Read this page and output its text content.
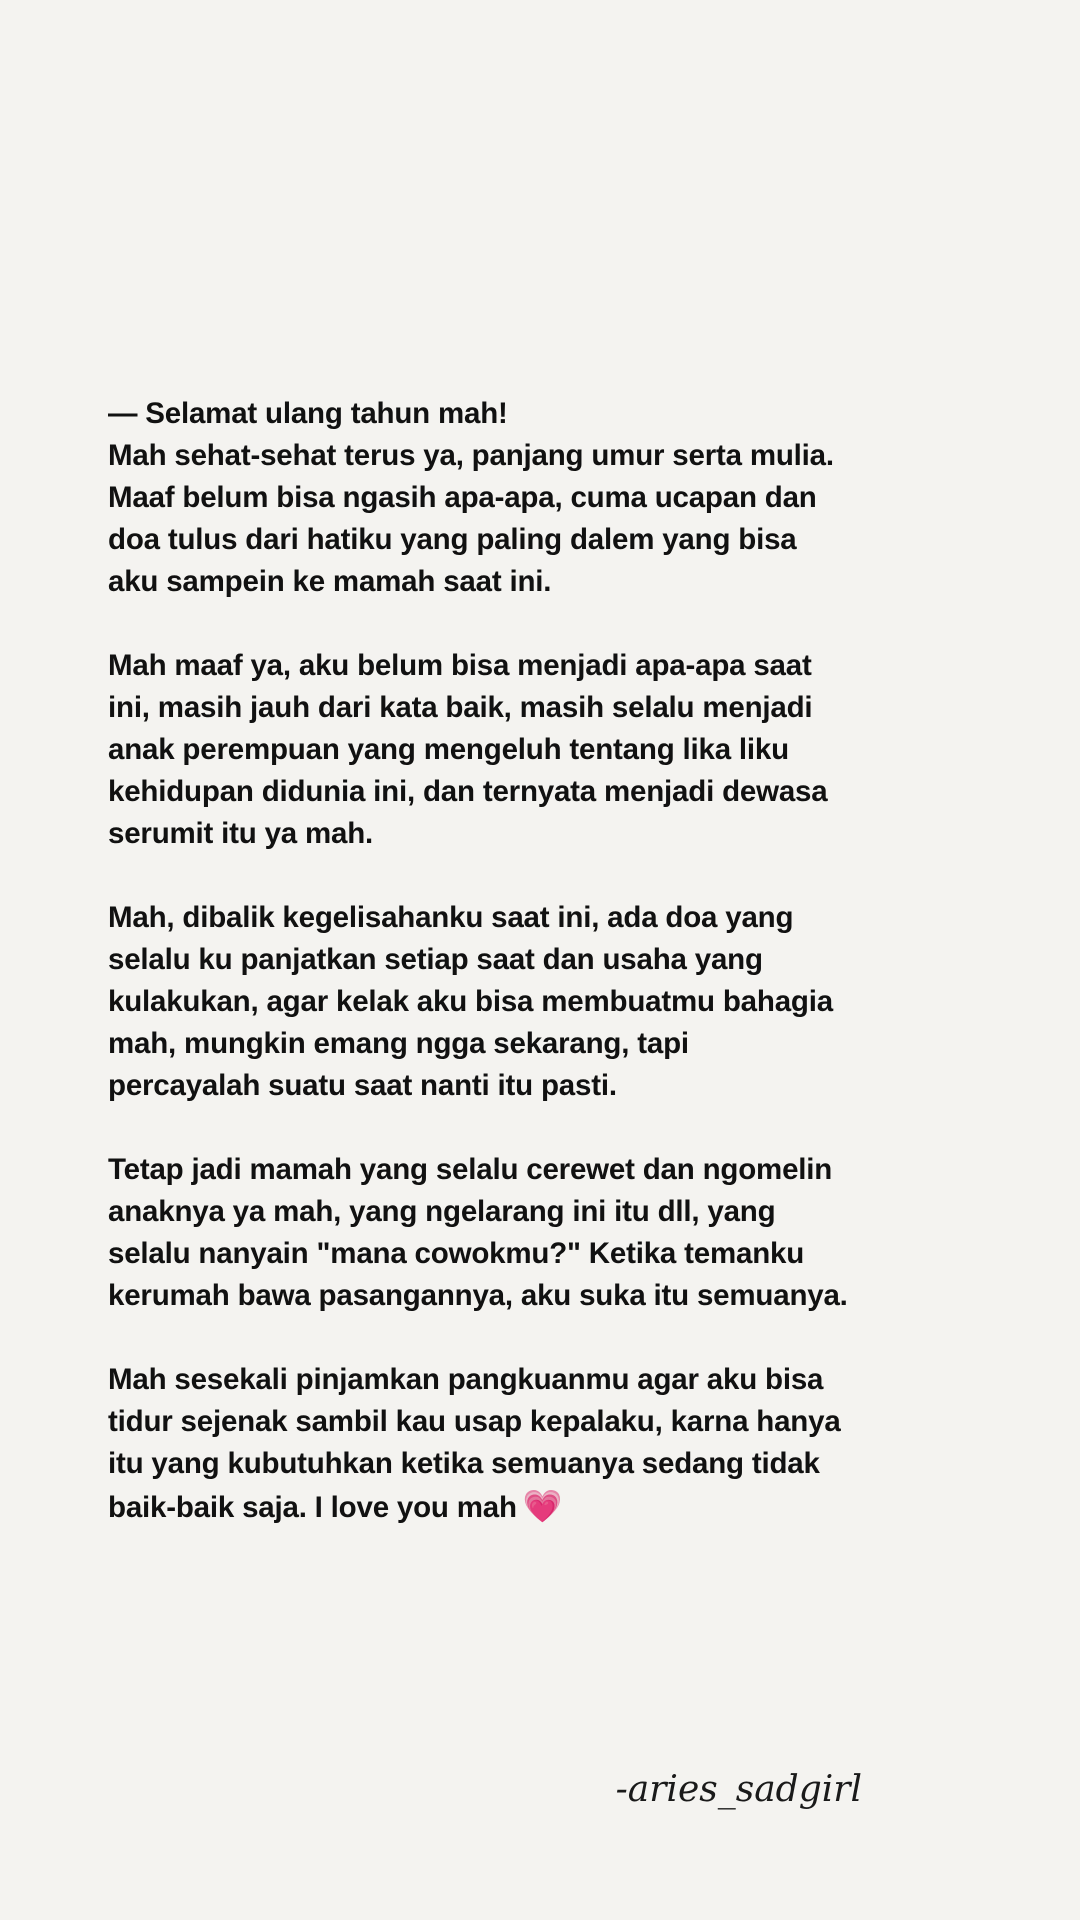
— Selamat ulang tahun mah!
Mah sehat-sehat terus ya, panjang umur serta mulia.
Maaf belum bisa ngasih apa-apa, cuma ucapan dan
doa tulus dari hatiku yang paling dalem yang bisa
aku sampein ke mamah saat ini.
Mah maaf ya, aku belum bisa menjadi apa-apa saat
ini, masih jauh dari kata baik, masih selalu menjadi
anak perempuan yang mengeluh tentang lika liku
kehidupan didunia ini, dan ternyata menjadi dewasa
serumit itu ya mah.
Mah, dibalik kegelisahanku saat ini, ada doa yang
selalu ku panjatkan setiap saat dan usaha yang
kulakukan, agar kelak aku bisa membuatmu bahagia
mah, mungkin emang ngga sekarang, tapi
percayalah suatu saat nanti itu pasti.
Tetap jadi mamah yang selalu cerewet dan ngomelin
anaknya ya mah, yang ngelarang ini itu dll, yang
selalu nanyain "mana cowokmu?" Ketika temanku
kerumah bawa pasangannya, aku suka itu semuanya.
Mah sesekali pinjamkan pangkuanmu agar aku bisa
tidur sejenak sambil kau usap kepalaku, karna hanya
itu yang kubutuhkan ketika semuanya sedang tidak
baik-baik saja. I love you mah 💗
-aries_sadgirl
